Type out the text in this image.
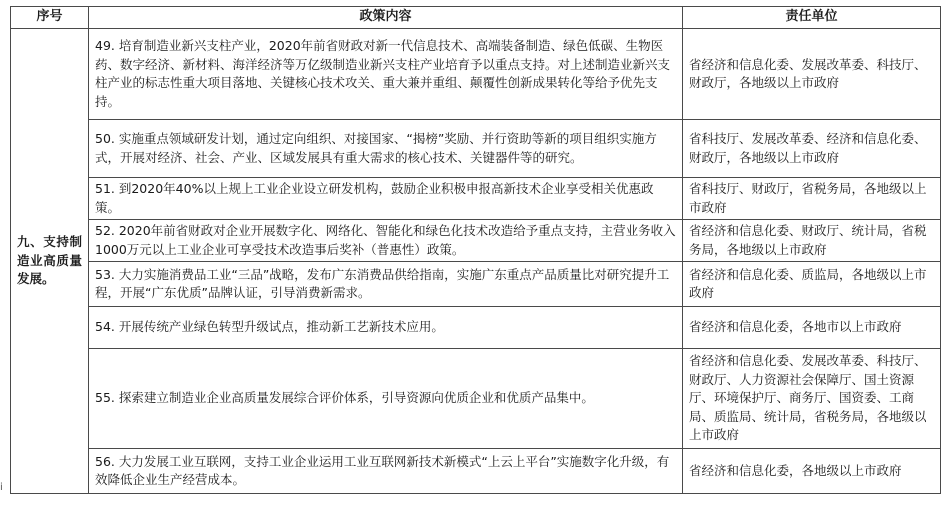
序号	政策内容	责任单位
九、支持制造业高质量发展。	49. 培育制造业新兴支柱产业，2020年前省财政对新一代信息技术、高端装备制造、绿色低碳、生物医药、数字经济、新材料、海洋经济等万亿级制造业新兴支柱产业培育予以重点支持。对上述制造业新兴支柱产业的标志性重大项目落地、关键核心技术攻关、重大兼并重组、颠覆性创新成果转化等给予优先支持。	省经济和信息化委、发展改革委、科技厅、财政厅，各地级以上市政府
	50. 实施重点领域研发计划，通过定向组织、对接国家、“揭榜”奖励、并行资助等新的项目组织实施方式，开展对经济、社会、产业、区域发展具有重大需求的核心技术、关键器件等的研究。	省科技厅、发展改革委、经济和信息化委、财政厅，各地级以上市政府
	51. 到2020年40%以上规上工业企业设立研发机构，鼓励企业积极申报高新技术企业享受相关优惠政策。	省科技厅、财政厅，省税务局，各地级以上市政府
	52. 2020年前省财政对企业开展数字化、网络化、智能化和绿色化技术改造给予重点支持，主营业务收入1000万元以上工业企业可享受技术改造事后奖补（普惠性）政策。	省经济和信息化委、财政厅、统计局，省税务局，各地级以上市政府
	53. 大力实施消费品工业“三品”战略，发布广东消费品供给指南，实施广东重点产品质量比对研究提升工程，开展“广东优质”品牌认证，引导消费新需求。	省经济和信息化委、质监局，各地级以上市政府
	54. 开展传统产业绿色转型升级试点，推动新工艺新技术应用。	省经济和信息化委，各地市以上市政府
	55. 探索建立制造业企业高质量发展综合评价体系，引导资源向优质企业和优质产品集中。	省经济和信息化委、发展改革委、科技厅、财政厅、人力资源社会保障厅、国土资源厅、环境保护厅、商务厅、国资委、工商局、质监局、统计局，省税务局，各地级以上市政府
	56. 大力发展工业互联网，支持工业企业运用工业互联网新技术新模式“上云上平台”实施数字化升级，有效降低企业生产经营成本。	省经济和信息化委，各地级以上市政府
i
